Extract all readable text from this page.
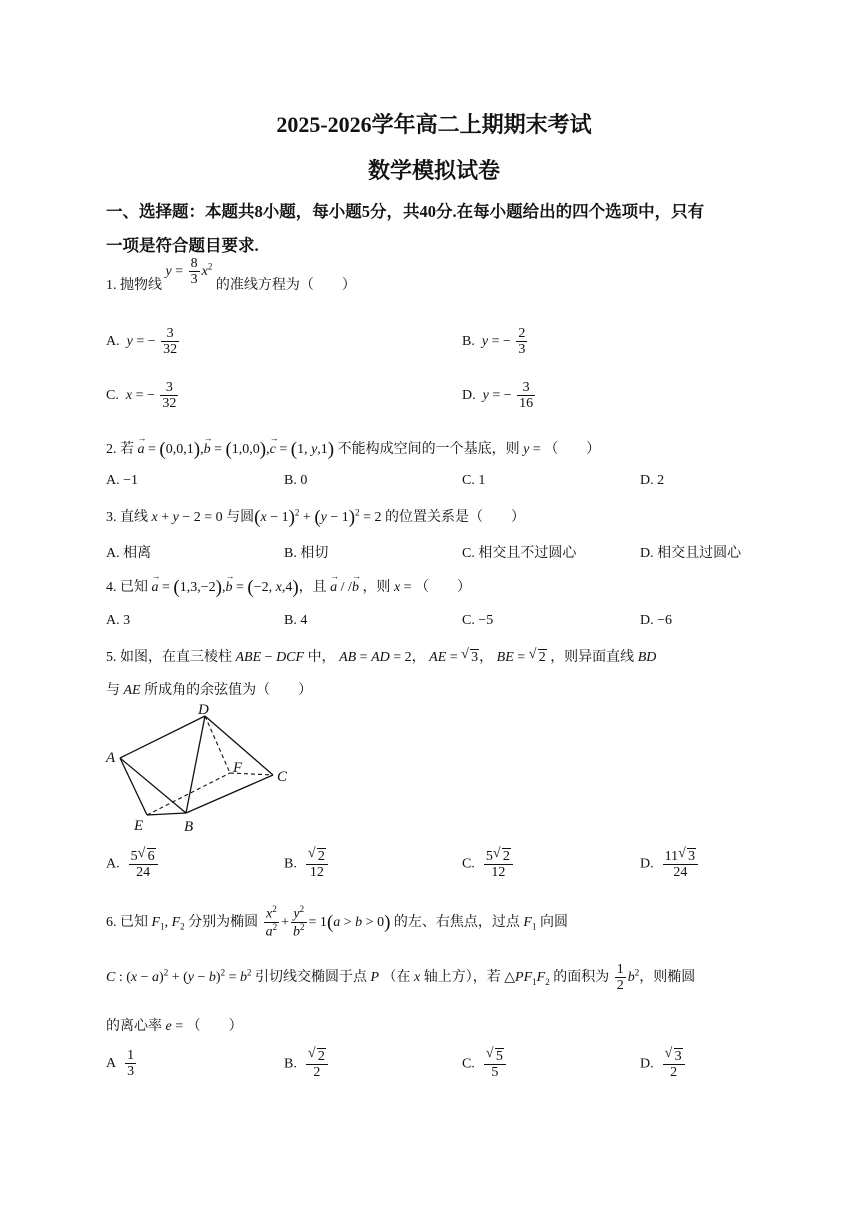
2025-2026学年高二上期期末考试
数学模拟试卷
一、选择题：本题共8小题，每小题5分，共40分.在每小题给出的四个选项中，只有
一项是符合题目要求.
1. 抛物线 $y = \frac{8}{3} x^2$ 的准线方程为（　　）
A. y = − $\frac{3}{32}$	B. y = − $\frac{2}{3}$
C. x = − $\frac{3}{32}$	D. y = − $\frac{3}{16}$
2. 若 → a = (0,0,1),→ b = (1,0,0),→ c = (1, y,1) 不能构成空间的一个基底，则 y = （　　）
A. −1	B. 0	C. 1	D. 2
3. 直线 x + y − 2 = 0 与圆$(x - 1)^2 + (y - 1)^2 = 2$ 的位置关系是（　　）
A. 相离	B. 相切	C. 相交且不过圆心	D. 相交且过圆心
4. 已知 → a = (1,3,−2),→ b = (−2, x,4)，且 → a / /→ b ，则 x = （　　）
A. 3	B. 4	C. −5	D. −6
5. 如图，在直三棱柱 ABE − DCF 中， AB = AD = 2， AE = √ 3， BE = √ 2 ，则异面直线 BD
与 AE 所成角的余弦值为（　　）
A
D
F
C
E	B
A. $\frac{5 √ 6}{24}$	B. √ $\frac{2}{12}$	C. $\frac{5 √ 2}{12}$	D. $\frac{11 √ 3}{24}$
6. 已知 $F_1$, $F_2$ 分别为椭圆 $\frac{x^2}{a^2} + \frac{y^2}{b^2} = 1(a > b > 0)$ 的左、右焦点，过点 $F_1$ 向圆
C : $(x - a)^2 + (y - b)^2 = b^2$ 引切线交椭圆于点 P （在 x 轴上方），若 $\triangle PF_1F_2$ 的面积为 $\frac{1}{2} b^2$，则椭圆
的离心率 e = （　　）
A $\frac{1}{3}$	B. √ $\frac{2}{2}$	C. √ $\frac{5}{5}$	D. √ $\frac{3}{2}$
